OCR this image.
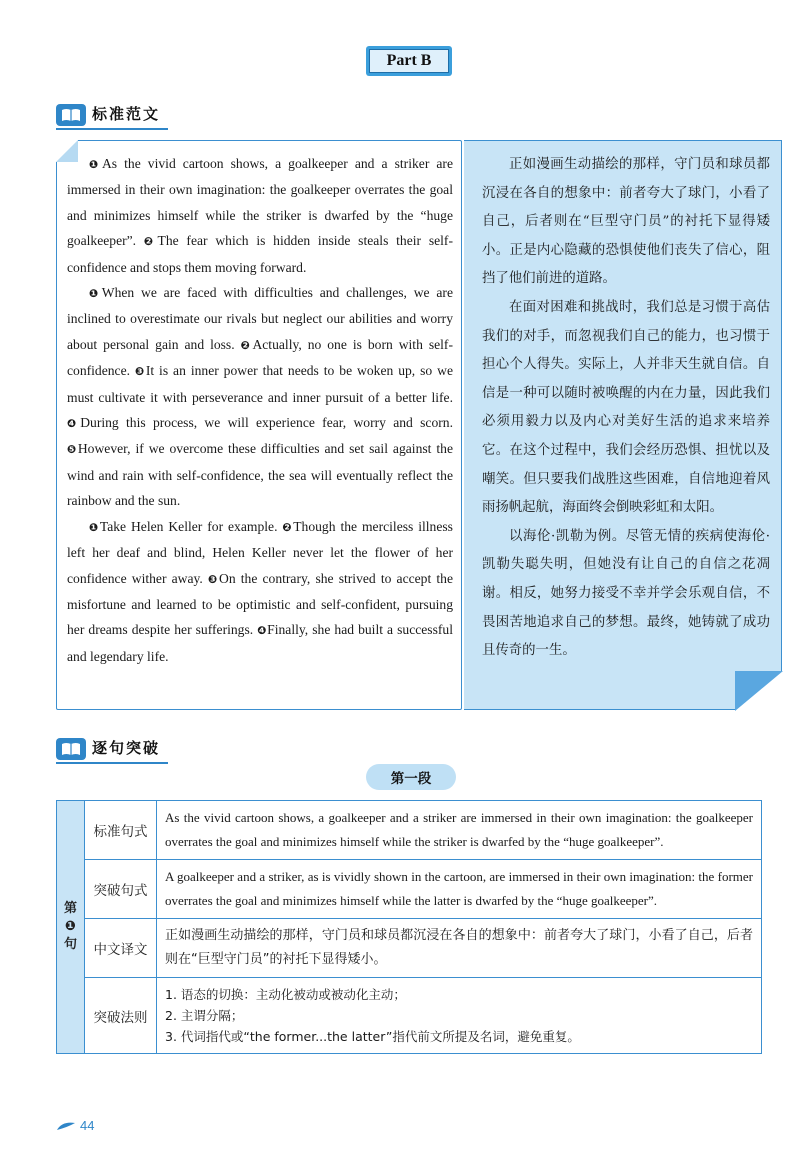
Part B
标准范文

❶As the vivid cartoon shows, a goalkeeper and a striker are immersed in their own imagination: the goalkeeper overrates the goal and minimizes himself while the striker is dwarfed by the “huge goalkeeper”. ❷The fear which is hidden inside steals their self-confidence and stops them moving forward.

❶When we are faced with difficulties and challenges, we are inclined to overestimate our rivals but neglect our abilities and worry about personal gain and loss. ❷Actually, no one is born with self-confidence. ❸It is an inner power that needs to be woken up, so we must cultivate it with perseverance and inner pursuit of a better life. ❹During this process, we will experience fear, worry and scorn. ❺However, if we overcome these difficulties and set sail against the wind and rain with self-confidence, the sea will eventually reflect the rainbow and the sun.

❶Take Helen Keller for example. ❷Though the merciless illness left her deaf and blind, Helen Keller never let the flower of her confidence wither away. ❸On the contrary, she strived to accept the misfortune and learned to be optimistic and self-confident, pursuing her dreams despite her sufferings. ❹Finally, she had built a successful and legendary life.

正如漫画生动描绘的那样，守门员和球员都沉浸在各自的想象中：前者夸大了球门，小看了自己，后者则在“巨型守门员”的衬托下显得矮小。正是内心隐藏的恐惧使他们丧失了信心，阻挡了他们前进的道路。

在面对困难和挑战时，我们总是习惯于高估我们的对手，而忽视我们自己的能力，也习惯于担心个人得失。实际上，人并非天生就自信。自信是一种可以随时被唤醒的内在力量，因此我们必须用毅力以及内心对美好生活的追求来培养它。在这个过程中，我们会经历恐惧、担忧以及嘲笑。但只要我们战胜这些困难，自信地迎着风雨扬帆起航，海面终会倒映彩虹和太阳。

以海伦·凯勒为例。尽管无情的疾病使海伦·凯勒失聪失明，但她没有让自己的自信之花凋谢。相反，她努力接受不幸并学会乐观自信，不畏困苦地追求自己的梦想。最终，她铸就了成功且传奇的一生。

逐句突破
第一段
第
❶
句
标准句式
As the vivid cartoon shows, a goalkeeper and a striker are immersed in their own imagination: the goalkeeper overrates the goal and minimizes himself while the striker is dwarfed by the “huge goalkeeper”.
突破句式
A goalkeeper and a striker, as is vividly shown in the cartoon, are immersed in their own imagination: the former overrates the goal and minimizes himself while the latter is dwarfed by the “huge goalkeeper”.
中文译文
正如漫画生动描绘的那样，守门员和球员都沉浸在各自的想象中：前者夸大了球门，小看了自己，后者则在“巨型守门员”的衬托下显得矮小。
突破法则
1. 语态的切换：主动化被动或被动化主动；
2. 主谓分隔；
3. 代词指代或“the former...the latter”指代前文所提及名词，避免重复。
44
